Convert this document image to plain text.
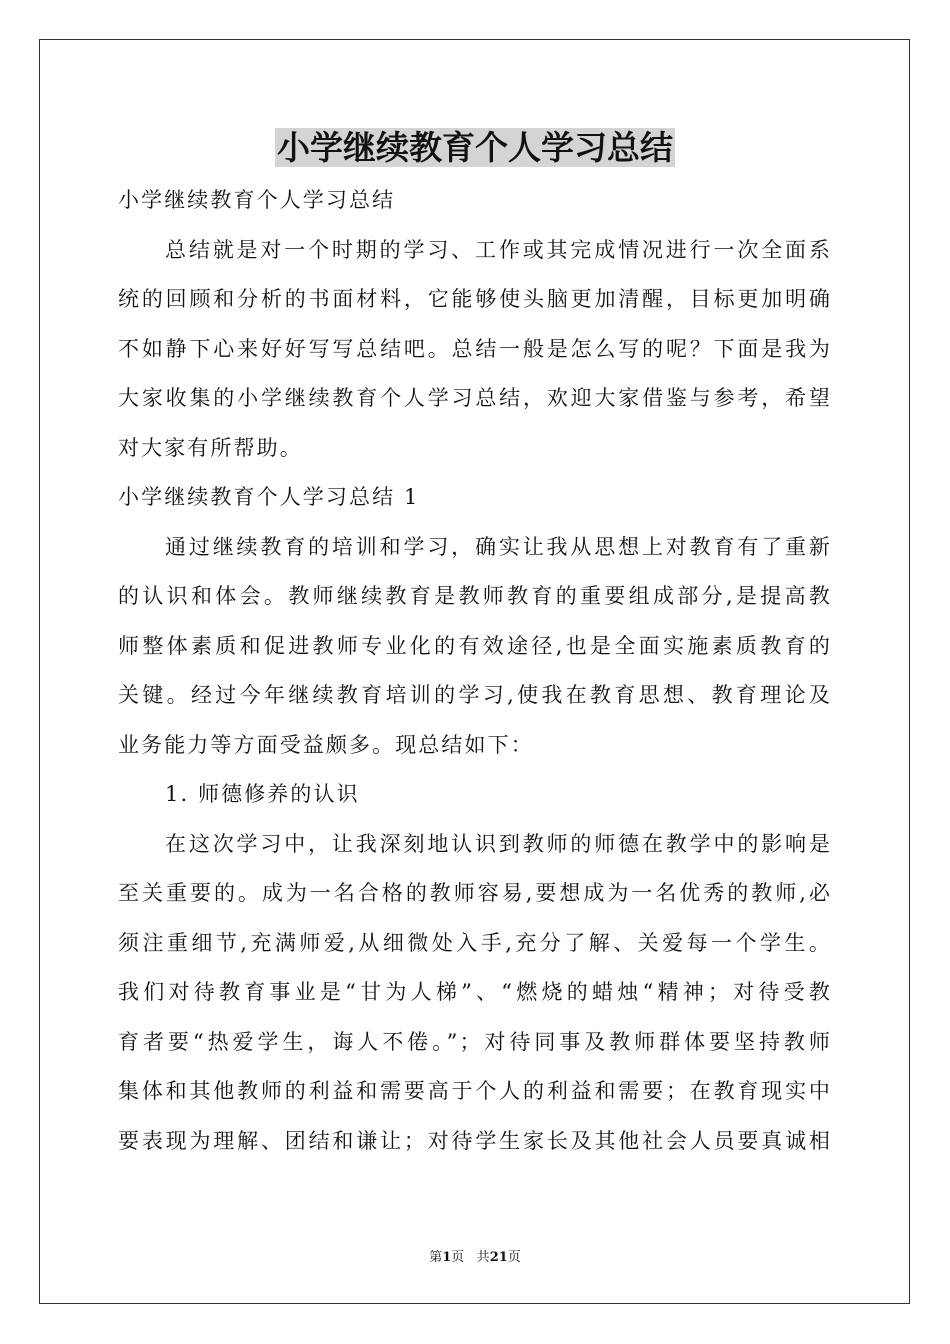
小学继续教育个人学习总结

小学继续教育个人学习总结

总结就是对一个时期的学习、工作或其完成情况进行一次全面系

统的回顾和分析的书面材料，它能够使头脑更加清醒，目标更加明确

不如静下心来好好写写总结吧。总结一般是怎么写的呢？下面是我为

大家收集的小学继续教育个人学习总结，欢迎大家借鉴与参考，希望

对大家有所帮助。

小学继续教育个人学习总结 1

通过继续教育的培训和学习，确实让我从思想上对教育有了重新

的认识和体会。教师继续教育是教师教育的重要组成部分,是提高教

师整体素质和促进教师专业化的有效途径,也是全面实施素质教育的

关键。经过今年继续教育培训的学习,使我在教育思想、教育理论及

业务能力等方面受益颇多。现总结如下：

1. 师德修养的认识

在这次学习中，让我深刻地认识到教师的师德在教学中的影响是

至关重要的。成为一名合格的教师容易,要想成为一名优秀的教师,必

须注重细节,充满师爱,从细微处入手,充分了解、关爱每一个学生。

我们对待教育事业是“甘为人梯”、“燃烧的蜡烛“精神；对待受教

育者要“热爱学生，诲人不倦。”；对待同事及教师群体要坚持教师

集体和其他教师的利益和需要高于个人的利益和需要；在教育现实中

要表现为理解、团结和谦让；对待学生家长及其他社会人员要真诚相

第1页 共21页
